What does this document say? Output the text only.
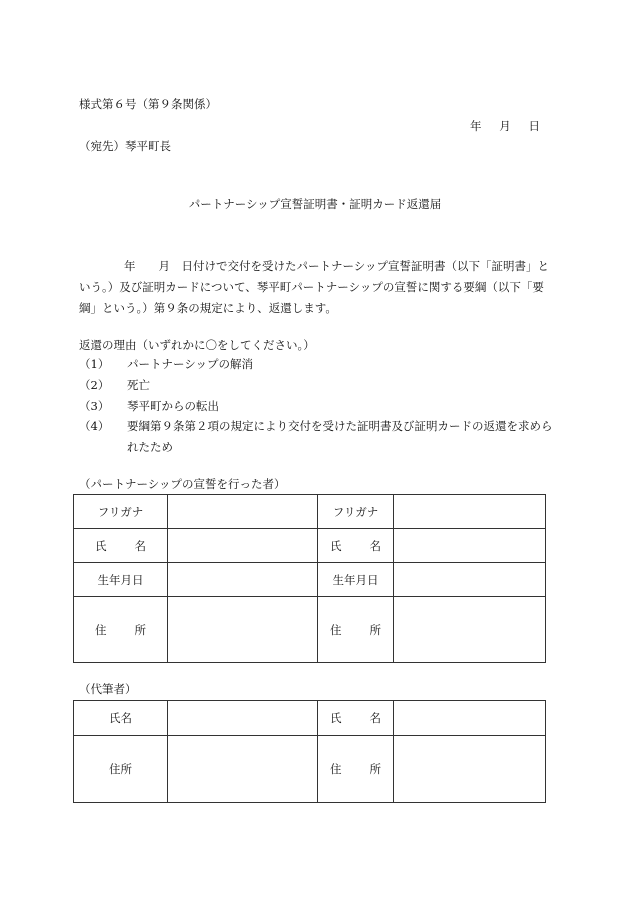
様式第６号（第９条関係）
年 月 日
（宛先）琴平町長
パートナーシップ宣誓証明書・証明カード返還届
年　　 月　 日付けで交付を受けたパートナーシップ宣誓証明書（以下「証明書」という。）及び証明カードについて、琴平町パートナーシップの宣誓に関する要綱（以下「要綱」という。）第９条の規定により、返還します。
返還の理由（いずれかに〇をしてください。）
（1） パートナーシップの解消
（2） 死亡
（3） 琴平町からの転出
（4） 要綱第９条第２項の規定により交付を受けた証明書及び証明カードの返還を求められたため
（パートナーシップの宣誓を行った者）
フリガナ		フリガナ	
氏 名		氏 名	
生年月日		生年月日	
住 所		住 所	
（代筆者）
氏名		氏 名	
住所		住 所	
